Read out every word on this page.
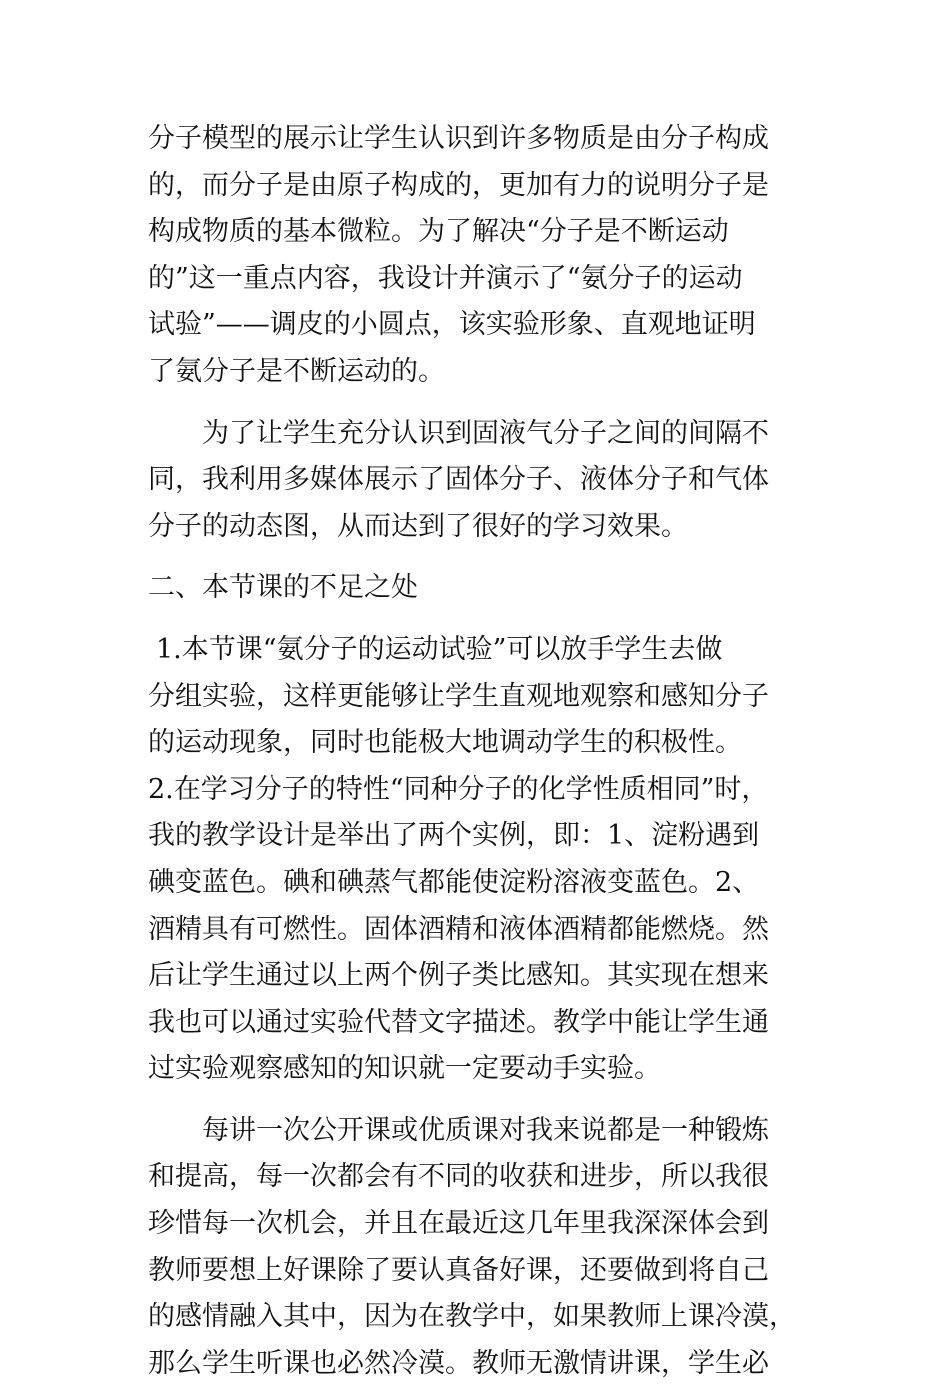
分子模型的展示让学生认识到许多物质是由分子构成
的，而分子是由原子构成的，更加有力的说明分子是
构成物质的基本微粒。为了解决“分子是不断运动
的”这一重点内容，我设计并演示了“氨分子的运动
试验”——调皮的小圆点，该实验形象、直观地证明
了氨分子是不断运动的。
为了让学生充分认识到固液气分子之间的间隔不
同，我利用多媒体展示了固体分子、液体分子和气体
分子的动态图，从而达到了很好的学习效果。
二、本节课的不足之处
1.本节课“氨分子的运动试验”可以放手学生去做
分组实验，这样更能够让学生直观地观察和感知分子
的运动现象，同时也能极大地调动学生的积极性。
2.在学习分子的特性“同种分子的化学性质相同”时，
我的教学设计是举出了两个实例，即：1、淀粉遇到
碘变蓝色。碘和碘蒸气都能使淀粉溶液变蓝色。2、
酒精具有可燃性。固体酒精和液体酒精都能燃烧。然
后让学生通过以上两个例子类比感知。其实现在想来
我也可以通过实验代替文字描述。教学中能让学生通
过实验观察感知的知识就一定要动手实验。
每讲一次公开课或优质课对我来说都是一种锻炼
和提高，每一次都会有不同的收获和进步，所以我很
珍惜每一次机会，并且在最近这几年里我深深体会到
教师要想上好课除了要认真备好课，还要做到将自己
的感情融入其中，因为在教学中，如果教师上课冷漠，
那么学生听课也必然冷漠。教师无激情讲课，学生必
